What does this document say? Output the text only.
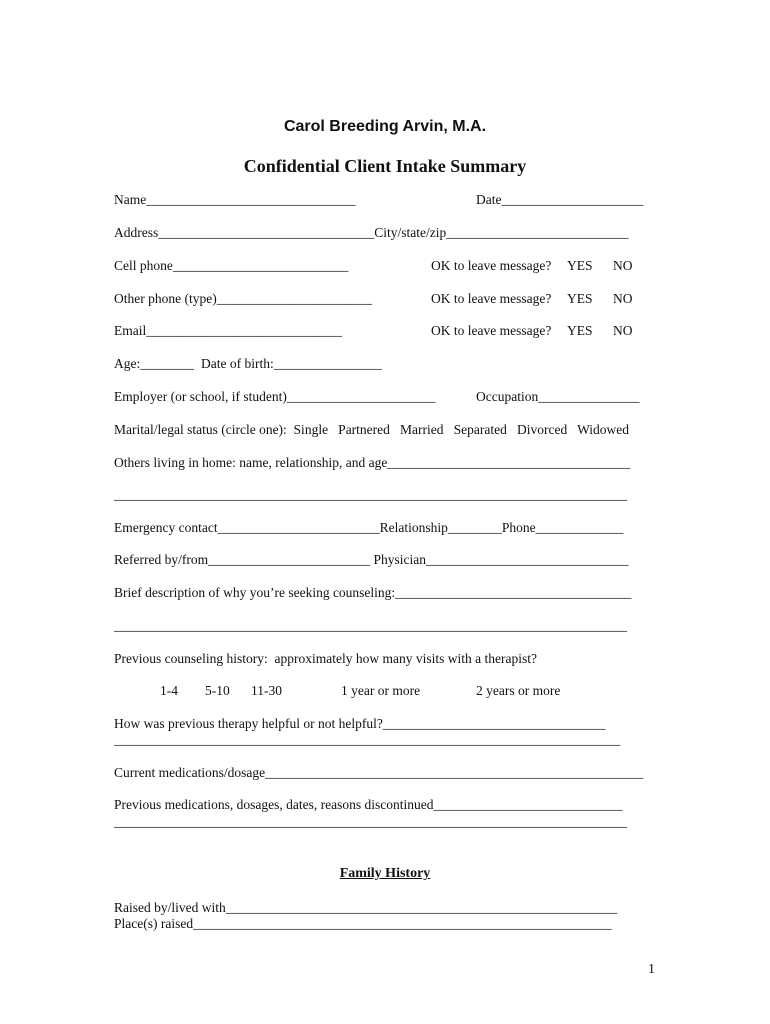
Carol Breeding Arvin, M.A.
Confidential Client Intake Summary
Name_______________________________	Date_____________________
Address________________________________City/state/zip___________________________
Cell phone__________________________	OK to leave message? YES NO
Other phone (type)_______________________	OK to leave message? YES NO
Email_____________________________	OK to leave message? YES NO
Age:________  Date of birth:________________
Employer (or school, if student)______________________	Occupation_______________
Marital/legal status (circle one):  Single   Partnered   Married   Separated   Divorced   Widowed
Others living in home: name, relationship, and age____________________________________
____________________________________________________________________________
Emergency contact________________________Relationship________Phone_____________
Referred by/from________________________ Physician______________________________
Brief description of why you’re seeking counseling:___________________________________
____________________________________________________________________________
Previous counseling history:  approximately how many visits with a therapist?
1-4 5-10 11-30	1 year or more	2 years or more
How was previous therapy helpful or not helpful?_________________________________
___________________________________________________________________________
Current medications/dosage________________________________________________________
Previous medications, dosages, dates, reasons discontinued____________________________
____________________________________________________________________________
Family History
Raised by/lived with__________________________________________________________
Place(s) raised______________________________________________________________
1
